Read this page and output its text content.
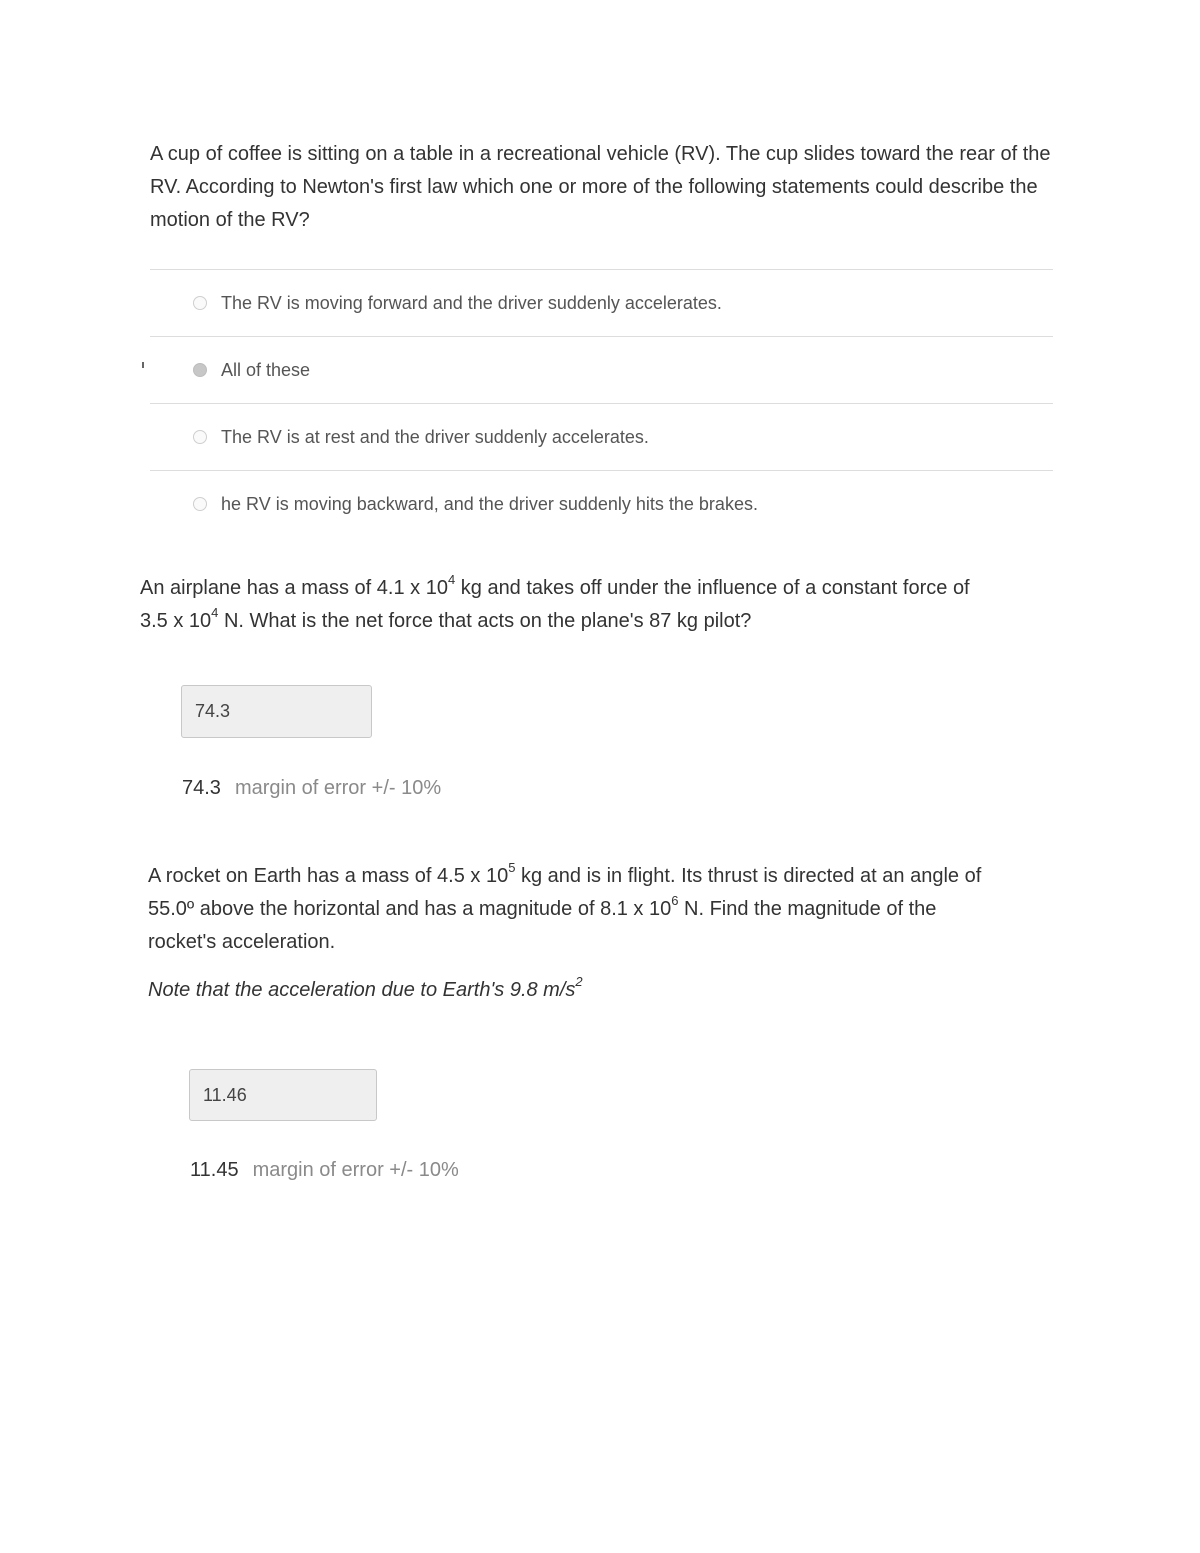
A cup of coffee is sitting on a table in a recreational vehicle (RV). The cup slides toward the rear of the RV. According to Newton's first law which one or more of the following statements could describe the motion of the RV?
The RV is moving forward and the driver suddenly accelerates.
All of these
The RV is at rest and the driver suddenly accelerates.
he RV is moving backward, and the driver suddenly hits the brakes.
An airplane has a mass of 4.1 x $10^4$ kg and takes off under the influence of a constant force of
3.5 x $10^4$ N. What is the net force that acts on the plane's 87 kg pilot?
74.3
74.3 margin of error +/- 10%
A rocket on Earth has a mass of 4.5 x $10^5$ kg and is in flight. Its thrust is directed at an angle of
55.0º above the horizontal and has a magnitude of 8.1 x $10^6$ N. Find the magnitude of the
rocket's acceleration.
Note that the acceleration due to Earth's 9.8 $m/s^2$
11.46
11.45 margin of error +/- 10%
